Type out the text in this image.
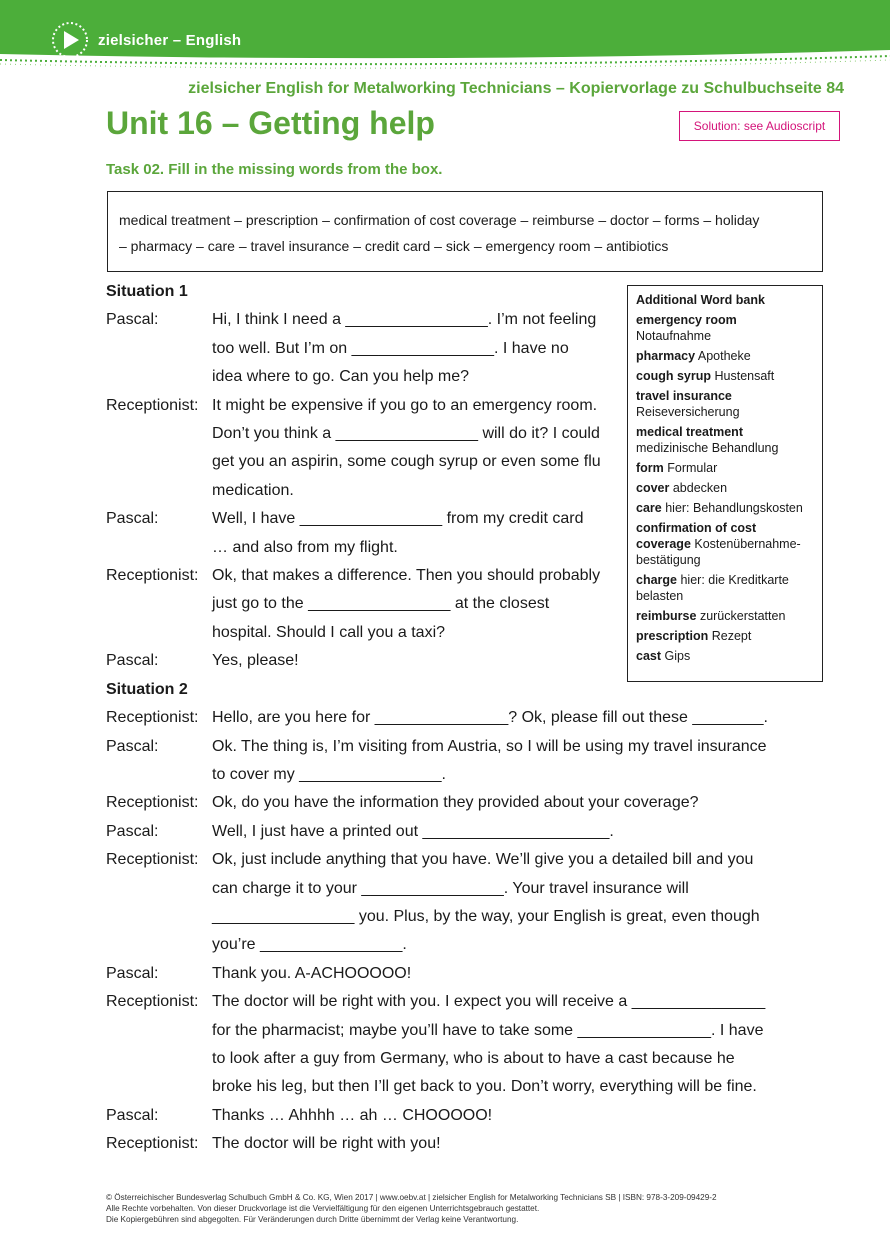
zielsicher – English
zielsicher English for Metalworking Technicians – Kopiervorlage zu Schulbuchseite 84
Unit 16 – Getting help	Solution: see Audioscript
Task 02. Fill in the missing words from the box.
medical treatment – prescription – confirmation of cost coverage – reimburse – doctor – forms – holiday
– pharmacy – care – travel insurance – credit card – sick – emergency room – antibiotics
Additional Word bank
emergency room
Notaufnahme
pharmacy Apotheke
cough syrup Hustensaft
travel insurance
Reiseversicherung
medical treatment
medizinische Behandlung
form Formular
cover abdecken
care hier: Behandlungskosten
confirmation of cost coverage Kostenübernahme-bestätigung
charge hier: die Kreditkarte belasten
reimburse zurückerstatten
prescription Rezept
cast Gips
Situation 1
Pascal:	Hi, I think I need a ________________. I’m not feeling
too well. But I’m on ________________. I have no
idea where to go. Can you help me?
Receptionist: It might be expensive if you go to an emergency room.
Don’t you think a ________________ will do it? I could
get you an aspirin, some cough syrup or even some flu
medication.
Pascal:	Well, I have ________________ from my credit card
… and also from my flight.
Receptionist: Ok, that makes a difference. Then you should probably
just go to the ________________ at the closest
hospital. Should I call you a taxi?
Pascal:	Yes, please!
Situation 2
Receptionist: Hello, are you here for _______________? Ok, please fill out these ________.
Pascal:	Ok. The thing is, I’m visiting from Austria, so I will be using my travel insurance
to cover my ________________.
Receptionist: Ok, do you have the information they provided about your coverage?
Pascal:	Well, I just have a printed out _____________________.
Receptionist: Ok, just include anything that you have. We’ll give you a detailed bill and you
can charge it to your ________________. Your travel insurance will
________________ you. Plus, by the way, your English is great, even though
you’re ________________.
Pascal:	Thank you. A-ACHOOOOO!
Receptionist: The doctor will be right with you. I expect you will receive a _______________
for the pharmacist; maybe you’ll have to take some _______________. I have
to look after a guy from Germany, who is about to have a cast because he
broke his leg, but then I’ll get back to you. Don’t worry, everything will be fine.
Pascal:	Thanks … Ahhhh … ah … CHOOOOO!
Receptionist: The doctor will be right with you!
© Österreichischer Bundesverlag Schulbuch GmbH & Co. KG, Wien 2017 | www.oebv.at | zielsicher English for Metalworking Technicians SB | ISBN: 978-3-209-09429-2
Alle Rechte vorbehalten. Von dieser Druckvorlage ist die Vervielfältigung für den eigenen Unterrichtsgebrauch gestattet.
Die Kopiergebühren sind abgegolten. Für Veränderungen durch Dritte übernimmt der Verlag keine Verantwortung.
